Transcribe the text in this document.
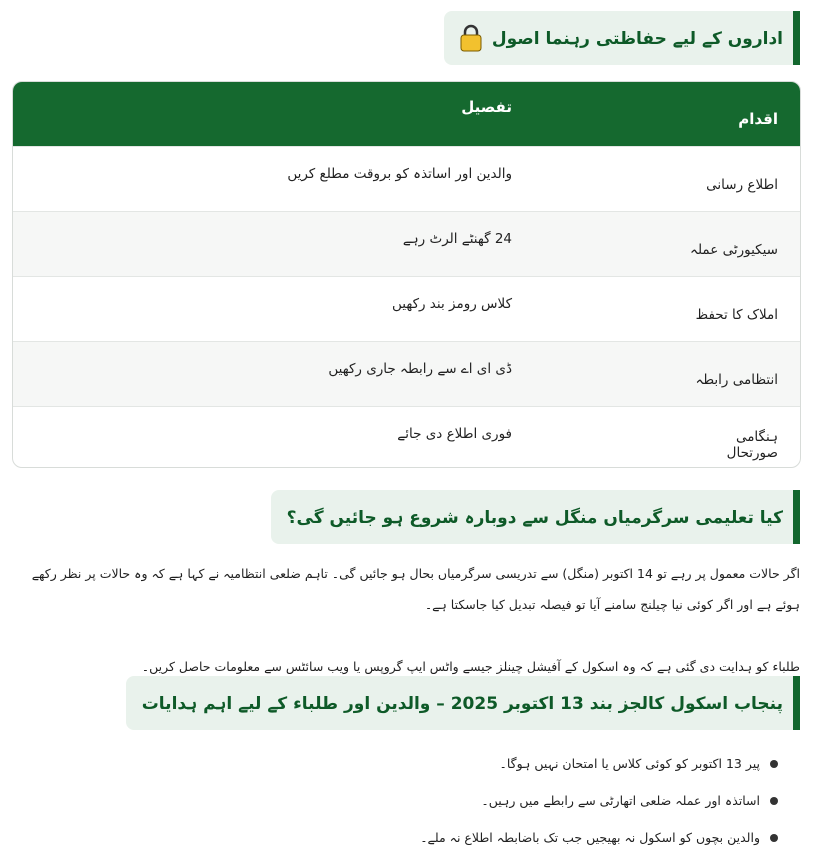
اداروں کے لیے حفاظتی رہنما اصول
اقدام
تفصیل
اطلاع رسانی
والدین اور اساتذہ کو بروقت مطلع کریں
سیکیورٹی عملہ
24 گھنٹے الرٹ رہے
املاک کا تحفظ
کلاس رومز بند رکھیں
انتظامی رابطہ
ڈی ای اے سے رابطہ جاری رکھیں
ہنگامی صورتحال
فوری اطلاع دی جائے
کیا تعلیمی سرگرمیاں منگل سے دوبارہ شروع ہو جائیں گی؟

اگر حالات معمول پر رہے تو 14 اکتوبر (منگل) سے تدریسی سرگرمیاں بحال ہو جائیں گی۔ تاہم ضلعی انتظامیہ نے کہا ہے کہ وہ حالات پر نظر رکھے ہوئے ہے اور اگر کوئی نیا چیلنج سامنے آیا تو فیصلہ تبدیل کیا جاسکتا ہے۔

طلباء کو ہدایت دی گئی ہے کہ وہ اسکول کے آفیشل چینلز جیسے واٹس ایپ گروپس یا ویب سائٹس سے معلومات حاصل کریں۔

پنجاب اسکول کالجز بند 13 اکتوبر 2025 – والدین اور طلباء کے لیے اہم ہدایات
پیر 13 اکتوبر کو کوئی کلاس یا امتحان نہیں ہوگا۔
اساتذہ اور عملہ ضلعی اتھارٹی سے رابطے میں رہیں۔
والدین بچوں کو اسکول نہ بھیجیں جب تک باضابطہ اطلاع نہ ملے۔
